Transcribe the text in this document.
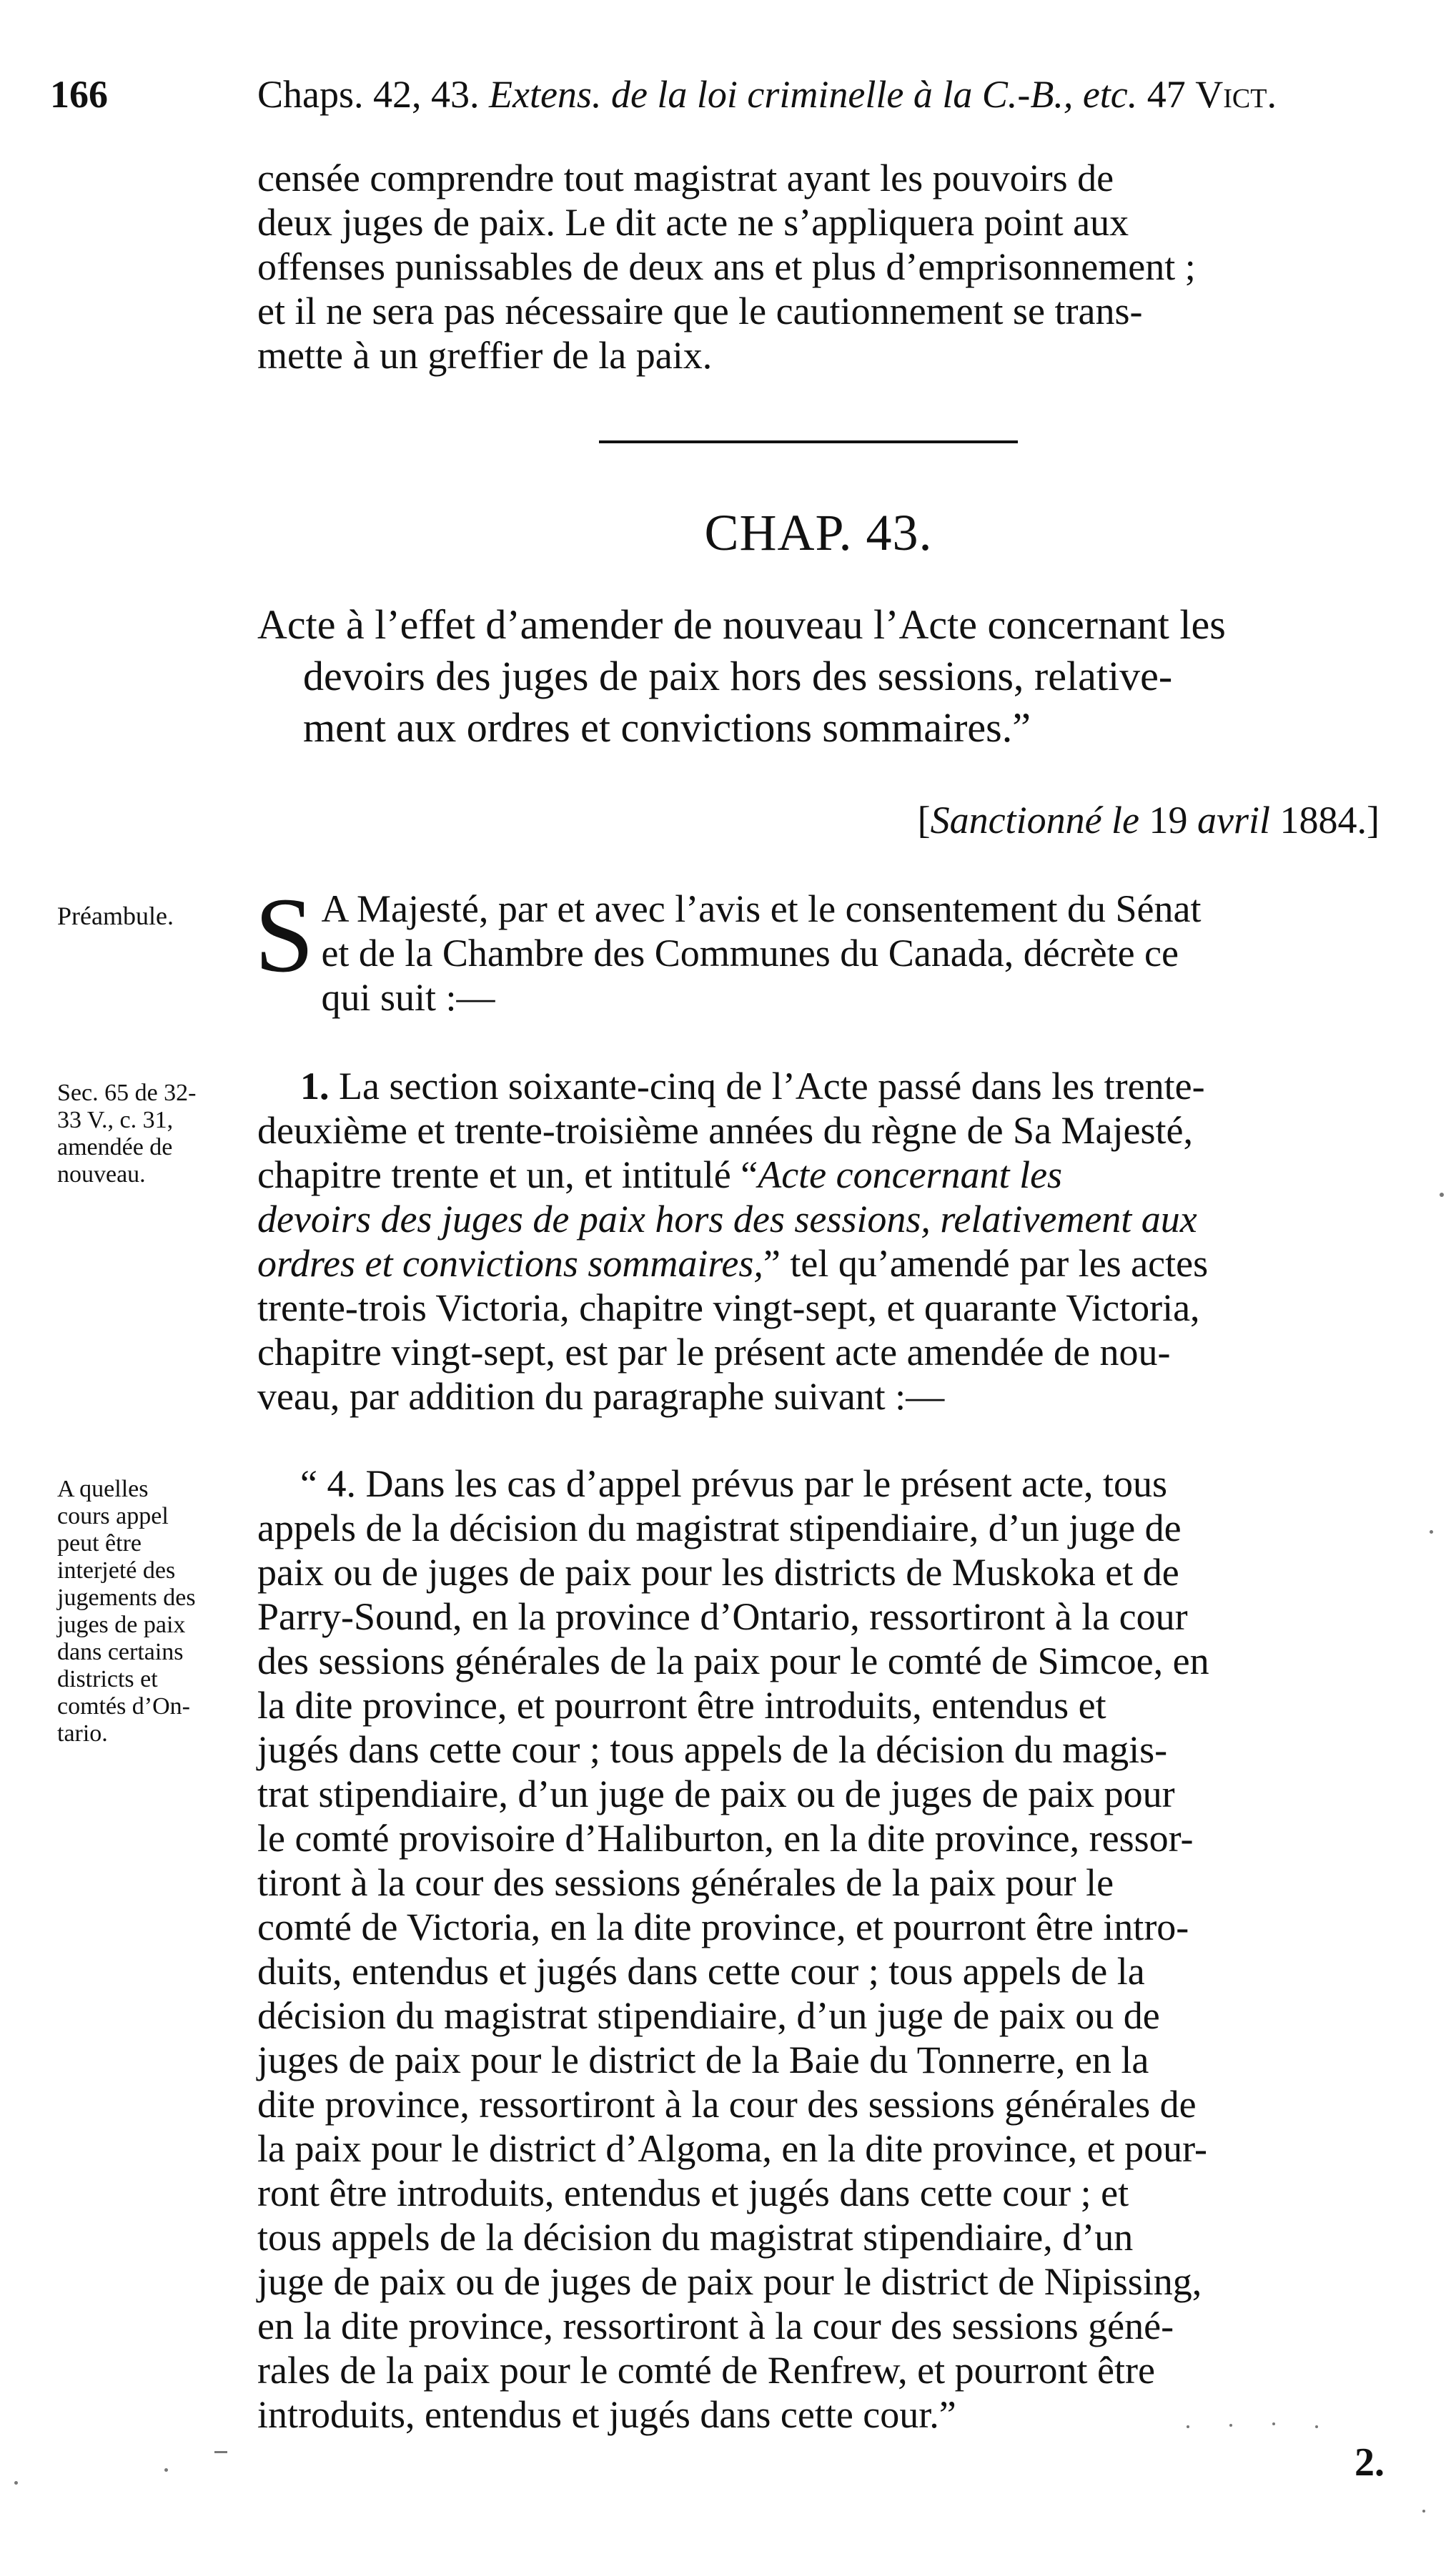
166	Chaps. 42, 43. Extens. de la loi criminelle à la C.-B., etc. 47 Vict.
censée comprendre tout magistrat ayant les pouvoirs de
deux juges de paix. Le dit acte ne s’appliquera point aux
offenses punissables de deux ans et plus d’emprisonnement ;
et il ne sera pas nécessaire que le cautionnement se trans-
mette à un greffier de la paix.
CHAP. 43.
Acte à l’effet d’amender de nouveau l’Acte concernant les
devoirs des juges de paix hors des sessions, relative-
ment aux ordres et convictions sommaires.”
[Sanctionné le 19 avril 1884.]
Préambule.
Sec. 65 de 32-
33 V., c. 31,
amendée de
nouveau.
A quelles
cours appel
peut être
interjeté des
jugements des
juges de paix
dans certains
districts et
comtés d’On-
tario.
S A Majesté, par et avec l’avis et le consentement du Sénat
et de la Chambre des Communes du Canada, décrète ce
qui suit :—
1. La section soixante-cinq de l’Acte passé dans les trente-
deuxième et trente-troisième années du règne de Sa Majesté,
chapitre trente et un, et intitulé “Acte concernant les
devoirs des juges de paix hors des sessions, relativement aux
ordres et convictions sommaires,” tel qu’amendé par les actes
trente-trois Victoria, chapitre vingt-sept, et quarante Victoria,
chapitre vingt-sept, est par le présent acte amendée de nou-
veau, par addition du paragraphe suivant :—
“ 4. Dans les cas d’appel prévus par le présent acte, tous
appels de la décision du magistrat stipendiaire, d’un juge de
paix ou de juges de paix pour les districts de Muskoka et de
Parry-Sound, en la province d’Ontario, ressortiront à la cour
des sessions générales de la paix pour le comté de Simcoe, en
la dite province, et pourront être introduits, entendus et
jugés dans cette cour ; tous appels de la décision du magis-
trat stipendiaire, d’un juge de paix ou de juges de paix pour
le comté provisoire d’Haliburton, en la dite province, ressor-
tiront à la cour des sessions générales de la paix pour le
comté de Victoria, en la dite province, et pourront être intro-
duits, entendus et jugés dans cette cour ; tous appels de la
décision du magistrat stipendiaire, d’un juge de paix ou de
juges de paix pour le district de la Baie du Tonnerre, en la
dite province, ressortiront à la cour des sessions générales de
la paix pour le district d’Algoma, en la dite province, et pour-
ront être introduits, entendus et jugés dans cette cour ; et
tous appels de la décision du magistrat stipendiaire, d’un
juge de paix ou de juges de paix pour le district de Nipissing,
en la dite province, ressortiront à la cour des sessions géné-
rales de la paix pour le comté de Renfrew, et pourront être
introduits, entendus et jugés dans cette cour.”
2.
